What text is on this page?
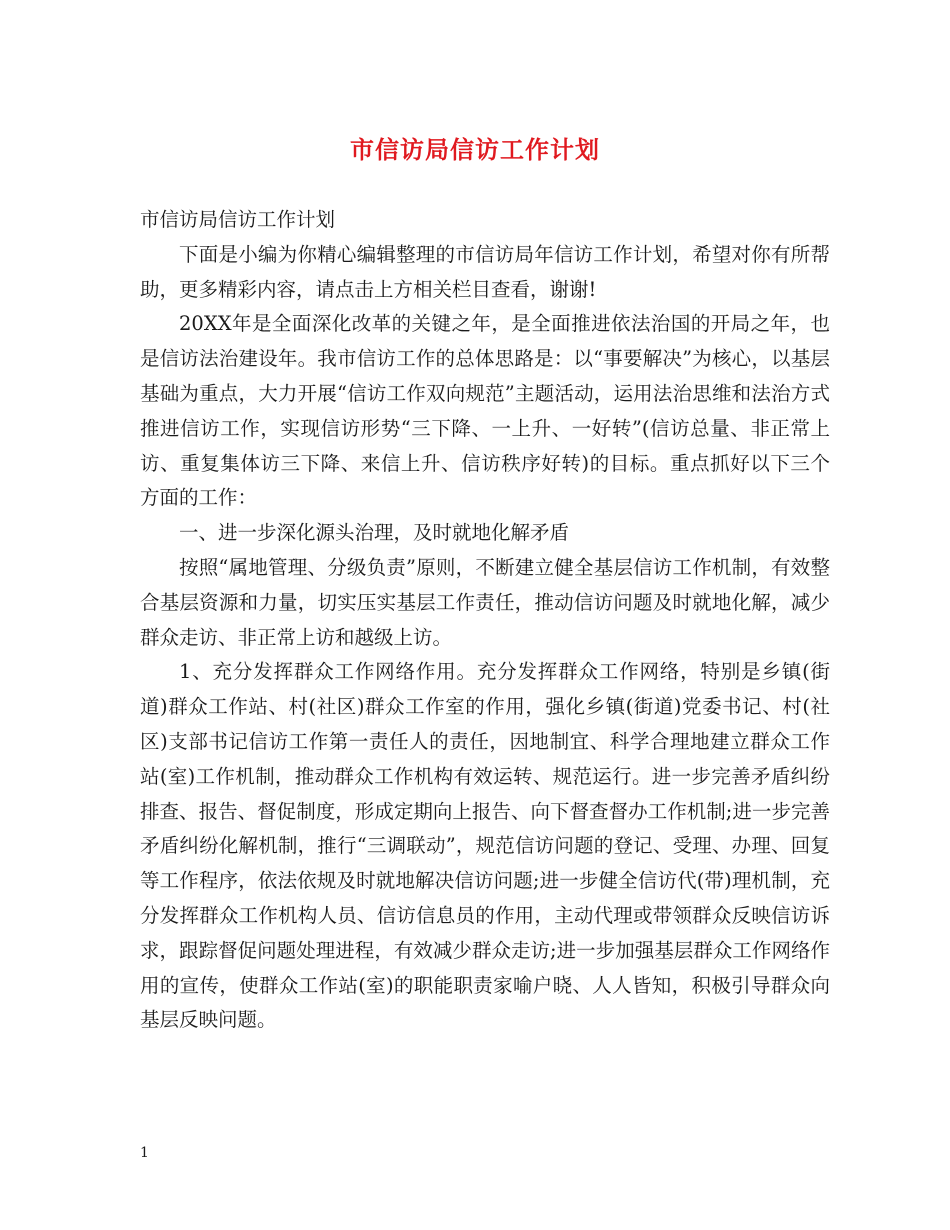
市信访局信访工作计划

市信访局信访工作计划

下面是小编为你精心编辑整理的市信访局年信访工作计划，希望对你有所帮助，更多精彩内容，请点击上方相关栏目查看，谢谢!

20XX年是全面深化改革的关键之年，是全面推进依法治国的开局之年，也是信访法治建设年。我市信访工作的总体思路是：以“事要解决”为核心，以基层基础为重点，大力开展“信访工作双向规范”主题活动，运用法治思维和法治方式推进信访工作，实现信访形势“三下降、一上升、一好转”(信访总量、非正常上访、重复集体访三下降、来信上升、信访秩序好转)的目标。重点抓好以下三个方面的工作：

一、进一步深化源头治理，及时就地化解矛盾

按照“属地管理、分级负责”原则，不断建立健全基层信访工作机制，有效整合基层资源和力量，切实压实基层工作责任，推动信访问题及时就地化解，减少群众走访、非正常上访和越级上访。

1、充分发挥群众工作网络作用。充分发挥群众工作网络，特别是乡镇(街道)群众工作站、村(社区)群众工作室的作用，强化乡镇(街道)党委书记、村(社区)支部书记信访工作第一责任人的责任，因地制宜、科学合理地建立群众工作站(室)工作机制，推动群众工作机构有效运转、规范运行。进一步完善矛盾纠纷排查、报告、督促制度，形成定期向上报告、向下督查督办工作机制;进一步完善矛盾纠纷化解机制，推行“三调联动”，规范信访问题的登记、受理、办理、回复等工作程序，依法依规及时就地解决信访问题;进一步健全信访代(带)理机制，充分发挥群众工作机构人员、信访信息员的作用，主动代理或带领群众反映信访诉求，跟踪督促问题处理进程，有效减少群众走访;进一步加强基层群众工作网络作用的宣传，使群众工作站(室)的职能职责家喻户晓、人人皆知，积极引导群众向基层反映问题。

1
